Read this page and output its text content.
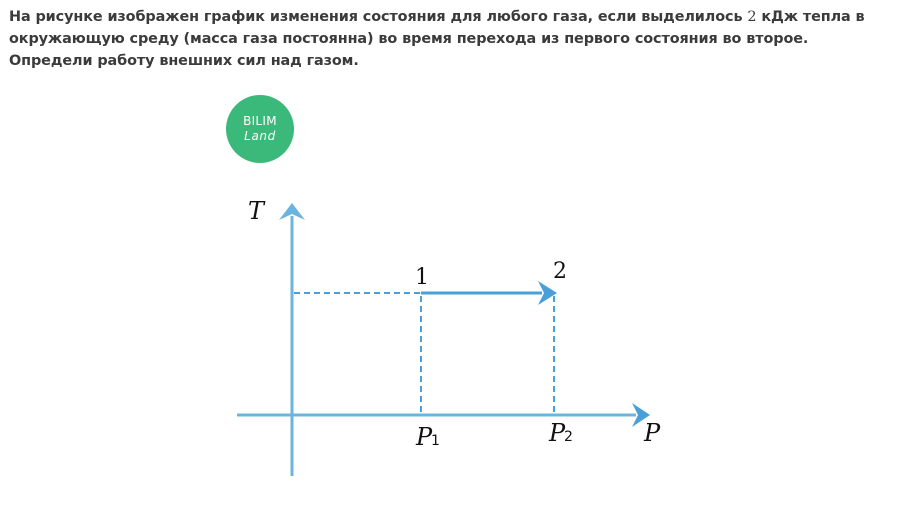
На рисунке изображен график изменения состояния для любого газа, если выделилось 2 кДж тепла в окружающую среду (масса газа постоянна) во время перехода из первого состояния во второе. Определи работу внешних сил над газом.

BILIM
Land
T
P
1	2
P
1	P
2
